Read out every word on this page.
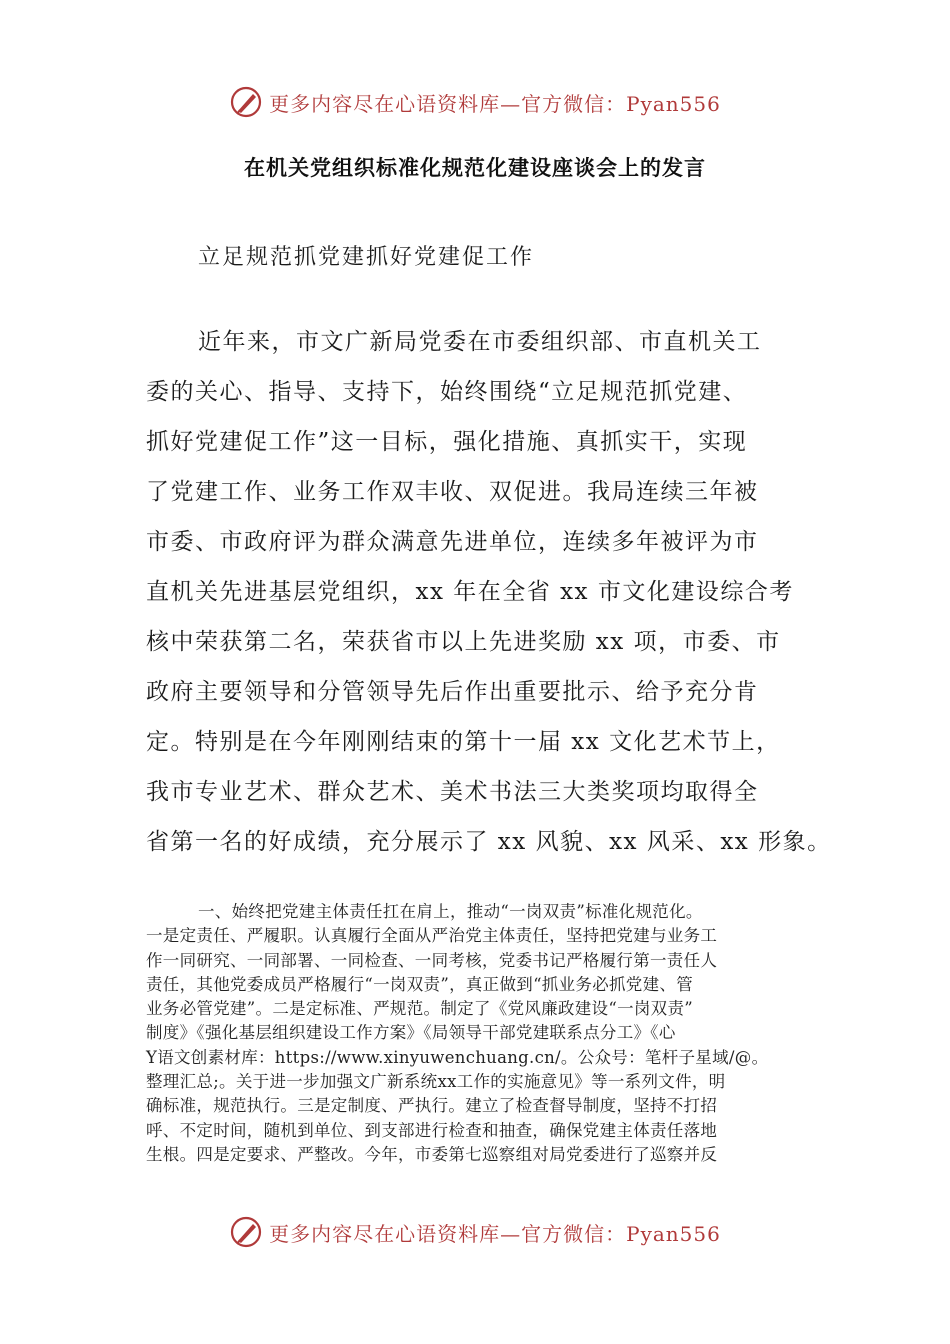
更多内容尽在心语资料库—官方微信：Pyan556
在机关党组织标准化规范化建设座谈会上的发言
立足规范抓党建抓好党建促工作
近年来，市文广新局党委在市委组织部、市直机关工
委的关心、指导、支持下，始终围绕“立足规范抓党建、
抓好党建促工作”这一目标，强化措施、真抓实干，实现
了党建工作、业务工作双丰收、双促进。我局连续三年被
市委、市政府评为群众满意先进单位，连续多年被评为市
直机关先进基层党组织，xx 年在全省 xx 市文化建设综合考
核中荣获第二名，荣获省市以上先进奖励 xx 项，市委、市
政府主要领导和分管领导先后作出重要批示、给予充分肯
定。特别是在今年刚刚结束的第十一届 xx 文化艺术节上，
我市专业艺术、群众艺术、美术书法三大类奖项均取得全
省第一名的好成绩，充分展示了 xx 风貌、xx 风采、xx 形象。
一、始终把党建主体责任扛在肩上，推动“一岗双责”标准化规范化。
一是定责任、严履职。认真履行全面从严治党主体责任，坚持把党建与业务工
作一同研究、一同部署、一同检查、一同考核，党委书记严格履行第一责任人
责任，其他党委成员严格履行“一岗双责”，真正做到“抓业务必抓党建、管
业务必管党建”。二是定标准、严规范。制定了《党风廉政建设“一岗双责”
制度》《强化基层组织建设工作方案》《局领导干部党建联系点分工》《心
Y语文创素材库：https://www.xinyuwenchuang.cn/。公众号：笔杆子星域/@。
整理汇总;。关于进一步加强文广新系统xx工作的实施意见》等一系列文件，明
确标准，规范执行。三是定制度、严执行。建立了检查督导制度，坚持不打招
呼、不定时间，随机到单位、到支部进行检查和抽查，确保党建主体责任落地
生根。四是定要求、严整改。今年，市委第七巡察组对局党委进行了巡察并反
更多内容尽在心语资料库—官方微信：Pyan556
